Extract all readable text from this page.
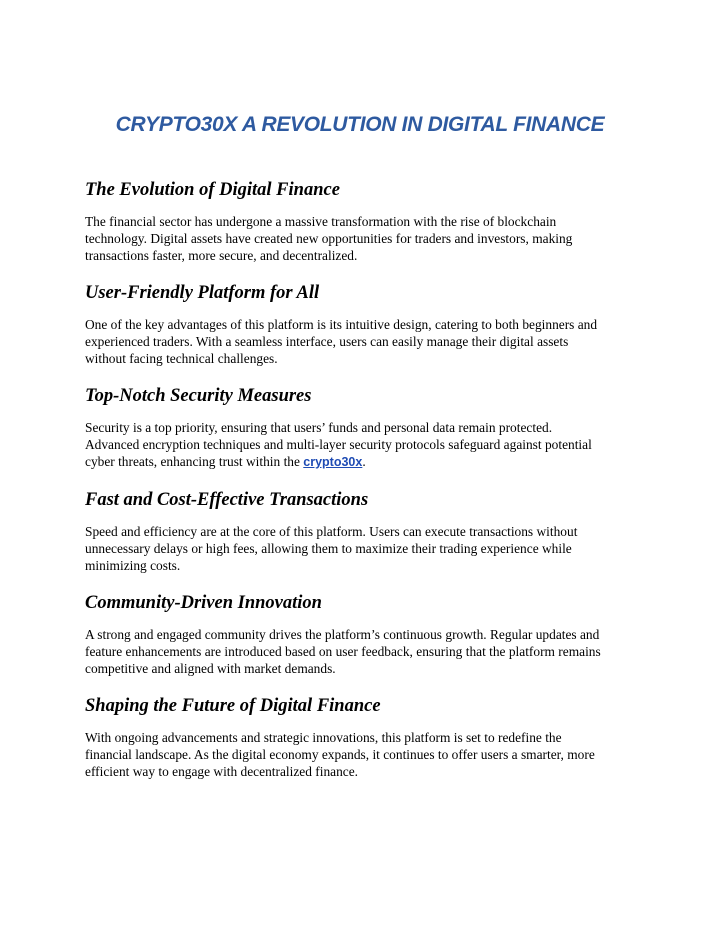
CRYPTO30X A REVOLUTION IN DIGITAL FINANCE
The Evolution of Digital Finance

The financial sector has undergone a massive transformation with the rise of blockchain
technology. Digital assets have created new opportunities for traders and investors, making
transactions faster, more secure, and decentralized.

User-Friendly Platform for All

One of the key advantages of this platform is its intuitive design, catering to both beginners and
experienced traders. With a seamless interface, users can easily manage their digital assets
without facing technical challenges.

Top-Notch Security Measures

Security is a top priority, ensuring that users’ funds and personal data remain protected.
Advanced encryption techniques and multi-layer security protocols safeguard against potential
cyber threats, enhancing trust within the crypto30x.

Fast and Cost-Effective Transactions

Speed and efficiency are at the core of this platform. Users can execute transactions without
unnecessary delays or high fees, allowing them to maximize their trading experience while
minimizing costs.

Community-Driven Innovation

A strong and engaged community drives the platform’s continuous growth. Regular updates and
feature enhancements are introduced based on user feedback, ensuring that the platform remains
competitive and aligned with market demands.

Shaping the Future of Digital Finance

With ongoing advancements and strategic innovations, this platform is set to redefine the
financial landscape. As the digital economy expands, it continues to offer users a smarter, more
efficient way to engage with decentralized finance.
